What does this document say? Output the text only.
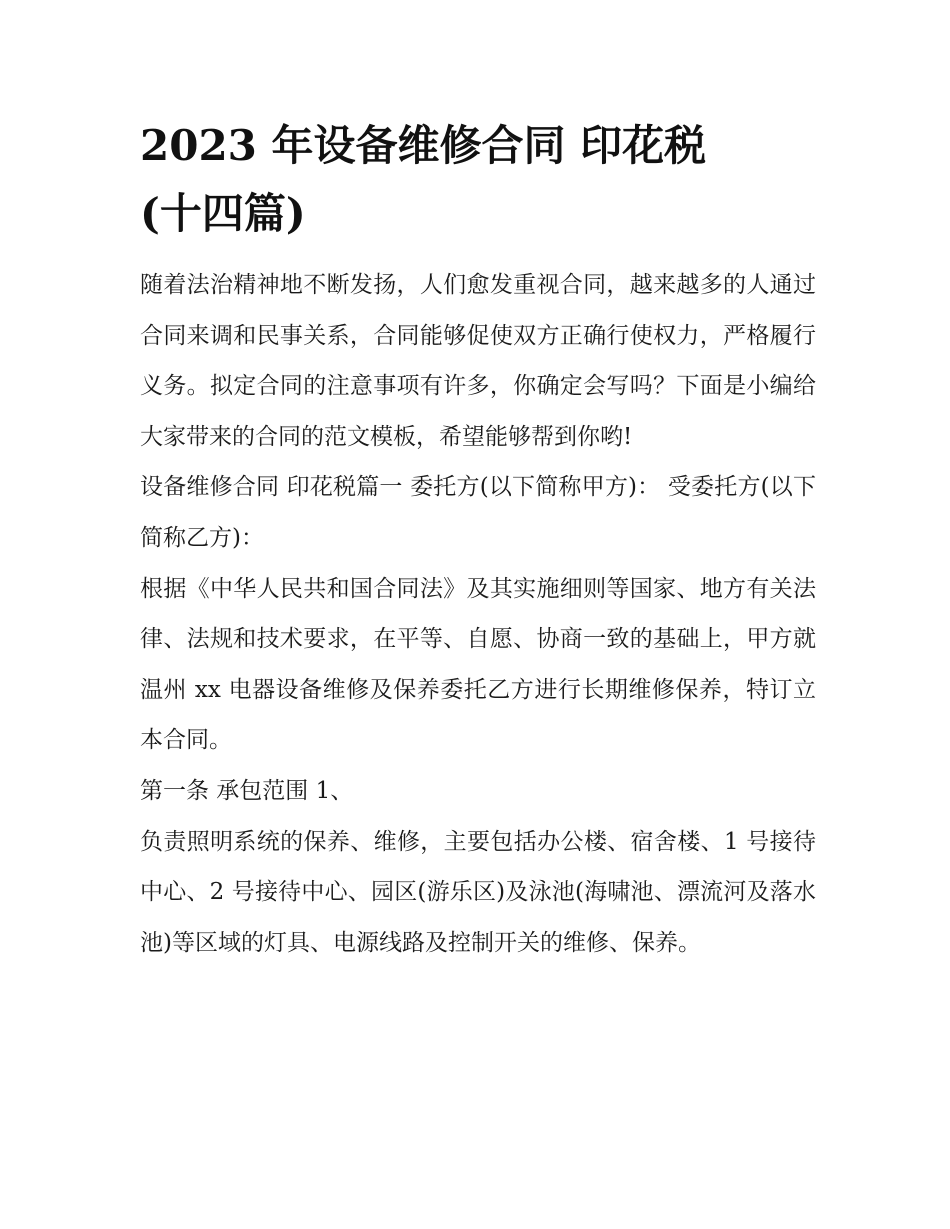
2023 年设备维修合同 印花税
(十四篇)

随着法治精神地不断发扬，人们愈发重视合同，越来越多的人通过合同来调和民事关系，合同能够促使双方正确行使权力，严格履行义务。拟定合同的注意事项有许多，你确定会写吗？下面是小编给大家带来的合同的范文模板，希望能够帮到你哟!

设备维修合同 印花税篇一 委托方(以下简称甲方)： 受委托方(以下简称乙方)：

根据《中华人民共和国合同法》及其实施细则等国家、地方有关法律、法规和技术要求，在平等、自愿、协商一致的基础上，甲方就温州 xx 电器设备维修及保养委托乙方进行长期维修保养，特订立本合同。

第一条 承包范围 1、

负责照明系统的保养、维修，主要包括办公楼、宿舍楼、1 号接待中心、2 号接待中心、园区(游乐区)及泳池(海啸池、漂流河及落水池)等区域的灯具、电源线路及控制开关的维修、保养。
